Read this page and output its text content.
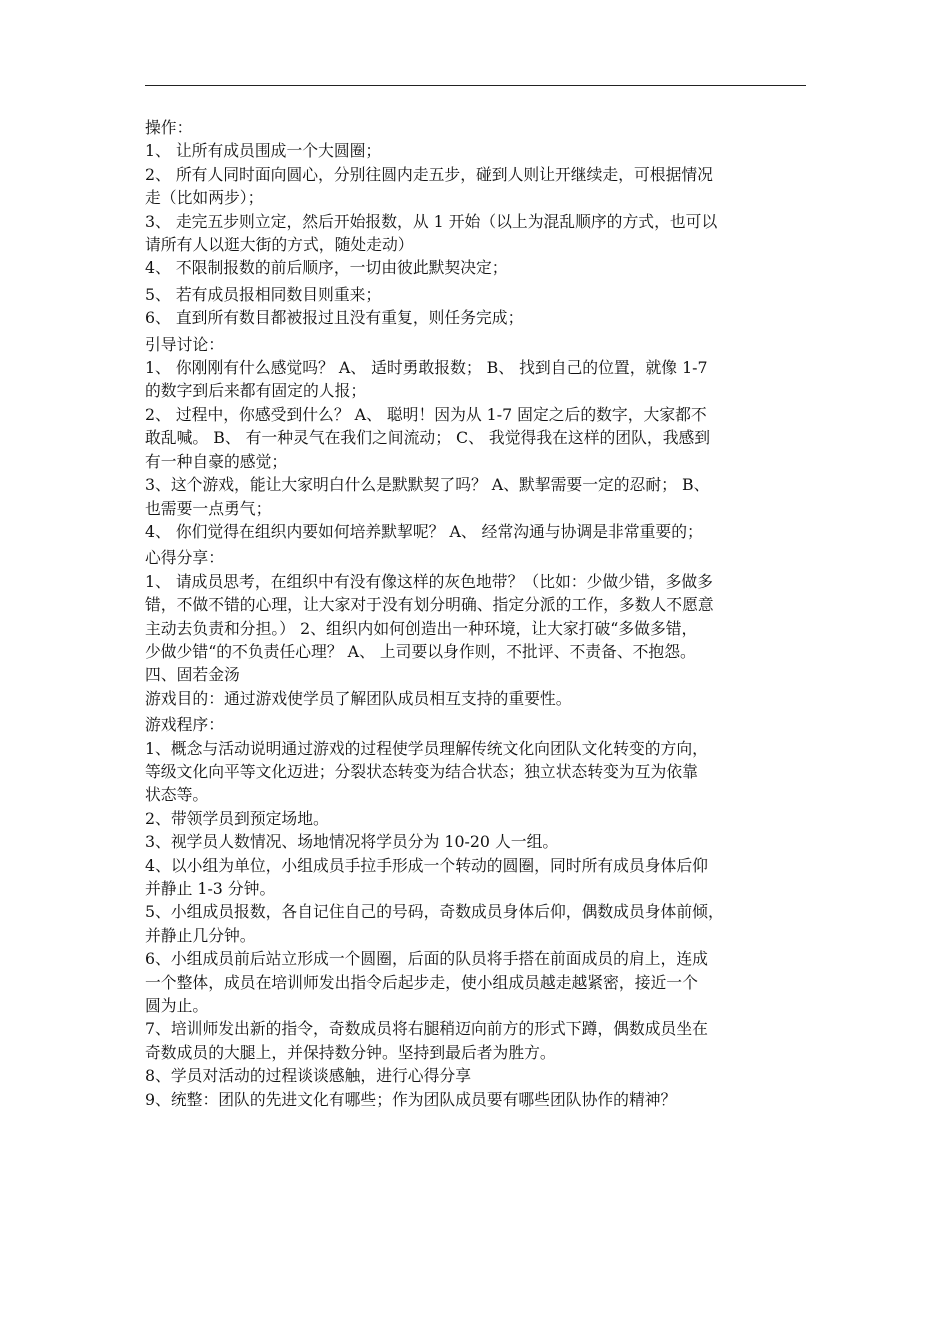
操作：
1、 让所有成员围成一个大圆圈；
2、 所有人同时面向圆心，分别往圆内走五步，碰到人则让开继续走，可根据情况
走（比如两步）；
3、 走完五步则立定，然后开始报数，从 1 开始（以上为混乱顺序的方式，也可以
请所有人以逛大街的方式，随处走动）
4、 不限制报数的前后顺序，一切由彼此默契决定；
5、 若有成员报相同数目则重来；
6、 直到所有数目都被报过且没有重复，则任务完成；
引导讨论：
1、 你刚刚有什么感觉吗？ A、 适时勇敢报数； B、 找到自己的位置，就像 1-7
的数字到后来都有固定的人报；
2、 过程中，你感受到什么？ A、 聪明！因为从 1-7 固定之后的数字，大家都不
敢乱喊。 B、 有一种灵气在我们之间流动； C、 我觉得我在这样的团队，我感到
有一种自豪的感觉；
3、这个游戏，能让大家明白什么是默默契了吗？ A、默挈需要一定的忍耐； B、
也需要一点勇气；
4、 你们觉得在组织内要如何培养默挈呢？ A、 经常沟通与协调是非常重要的；
心得分享：
1、 请成员思考，在组织中有没有像这样的灰色地带？（比如：少做少错，多做多
错，不做不错的心理，让大家对于没有划分明确、指定分派的工作，多数人不愿意
主动去负责和分担。） 2、组织内如何创造出一种环境，让大家打破“多做多错，
少做少错“的不负责任心理？ A、 上司要以身作则，不批评、不责备、不抱怨。
四、固若金汤
游戏目的：通过游戏使学员了解团队成员相互支持的重要性。
游戏程序：
1、概念与活动说明通过游戏的过程使学员理解传统文化向团队文化转变的方向，
等级文化向平等文化迈进；分裂状态转变为结合状态；独立状态转变为互为依靠
状态等。
2、带领学员到预定场地。
3、视学员人数情况、场地情况将学员分为 10-20 人一组。
4、以小组为单位，小组成员手拉手形成一个转动的圆圈，同时所有成员身体后仰
并静止 1-3 分钟。
5、小组成员报数，各自记住自己的号码，奇数成员身体后仰，偶数成员身体前倾，
并静止几分钟。
6、小组成员前后站立形成一个圆圈，后面的队员将手搭在前面成员的肩上，连成
一个整体，成员在培训师发出指令后起步走，使小组成员越走越紧密，接近一个
圆为止。
7、培训师发出新的指令，奇数成员将右腿稍迈向前方的形式下蹲，偶数成员坐在
奇数成员的大腿上，并保持数分钟。坚持到最后者为胜方。
8、学员对活动的过程谈谈感触，进行心得分享
9、统整：团队的先进文化有哪些；作为团队成员要有哪些团队协作的精神？
